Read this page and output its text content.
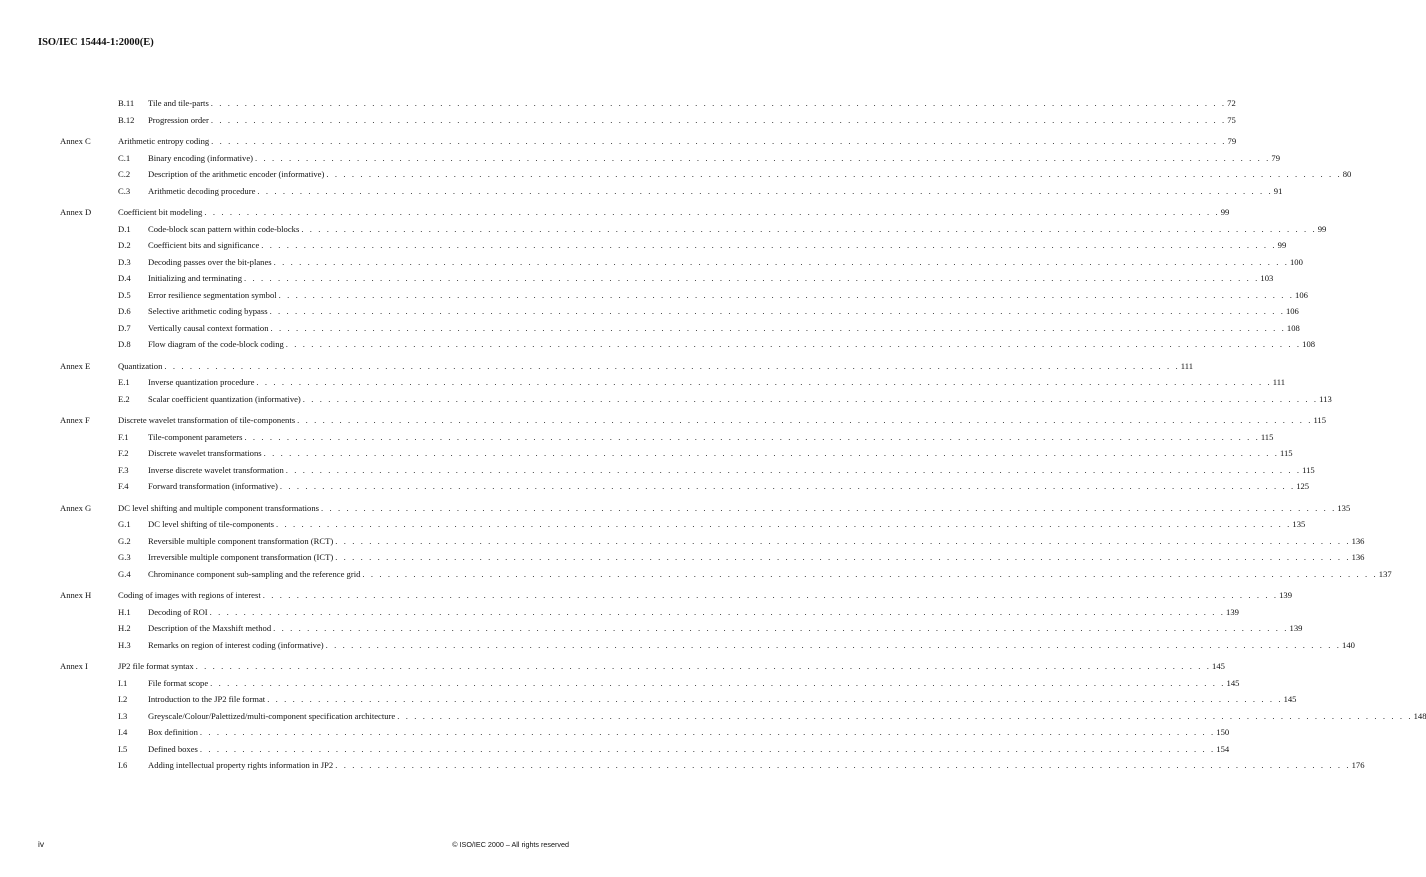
ISO/IEC 15444-1:2000(E)
B.11 Tile and tile-parts . . . . . . . . . . . . . . . . . . . . . . . . . . . . . . . . . . . . . . . . . . . . . . . . . . . . . . . . . . . . . . . . . . . . . . . . . . . . . . . . . . . . . . . . . . . . . . . . . . . . . . . . . . . . . . . . . . . . . . . . 72
B.12 Progression order . . . . . . . . . . . . . . . . . . . . . . . . . . . . . . . . . . . . . . . . . . . . . . . . . . . . . . . . . . . . . . . . . . . . . . . . . . . . . . . . . . . . . . . . . . . . . . . . . . . . . . . . . . . . . . . . . . . . . . . . 75
Annex C	Arithmetic entropy coding . . . . . . . . . . . . . . . . . . . . . . . . . . . . . . . . . . . . . . . . . . . . . . . . . . . . . . . . . . . . . . . . . . . . . . . . . . . . . . . . . . . . . . . . . . . . . . . . . . . . . . . . . . . . . . . . . . . . . . . . 79
C.1 Binary encoding (informative) . . . . . . . . . . . . . . . . . . . . . . . . . . . . . . . . . . . . . . . . . . . . . . . . . . . . . . . . . . . . . . . . . . . . . . . . . . . . . . . . . . . . . . . . . . . . . . . . . . . . . . . . . . . . . . . . . . . . . . . . 79
C.2 Description of the arithmetic encoder (informative) . . . . . . . . . . . . . . . . . . . . . . . . . . . . . . . . . . . . . . . . . . . . . . . . . . . . . . . . . . . . . . . . . . . . . . . . . . . . . . . . . . . . . . . . . . . . . . . . . . . . . . . . . . . . . . . . . . . . . . . . 80
C.3 Arithmetic decoding procedure . . . . . . . . . . . . . . . . . . . . . . . . . . . . . . . . . . . . . . . . . . . . . . . . . . . . . . . . . . . . . . . . . . . . . . . . . . . . . . . . . . . . . . . . . . . . . . . . . . . . . . . . . . . . . . . . . . . . . . . . 91
Annex D	Coefficient bit modeling . . . . . . . . . . . . . . . . . . . . . . . . . . . . . . . . . . . . . . . . . . . . . . . . . . . . . . . . . . . . . . . . . . . . . . . . . . . . . . . . . . . . . . . . . . . . . . . . . . . . . . . . . . . . . . . . . . . . . . . . 99
D.1 Code-block scan pattern within code-blocks . . . . . . . . . . . . . . . . . . . . . . . . . . . . . . . . . . . . . . . . . . . . . . . . . . . . . . . . . . . . . . . . . . . . . . . . . . . . . . . . . . . . . . . . . . . . . . . . . . . . . . . . . . . . . . . . . . . . . . . . 99
D.2 Coefficient bits and significance . . . . . . . . . . . . . . . . . . . . . . . . . . . . . . . . . . . . . . . . . . . . . . . . . . . . . . . . . . . . . . . . . . . . . . . . . . . . . . . . . . . . . . . . . . . . . . . . . . . . . . . . . . . . . . . . . . . . . . . . 99
D.3 Decoding passes over the bit-planes . . . . . . . . . . . . . . . . . . . . . . . . . . . . . . . . . . . . . . . . . . . . . . . . . . . . . . . . . . . . . . . . . . . . . . . . . . . . . . . . . . . . . . . . . . . . . . . . . . . . . . . . . . . . . . . . . . . . . . . . 100
D.4 Initializing and terminating . . . . . . . . . . . . . . . . . . . . . . . . . . . . . . . . . . . . . . . . . . . . . . . . . . . . . . . . . . . . . . . . . . . . . . . . . . . . . . . . . . . . . . . . . . . . . . . . . . . . . . . . . . . . . . . . . . . . . . . . 103
D.5 Error resilience segmentation symbol . . . . . . . . . . . . . . . . . . . . . . . . . . . . . . . . . . . . . . . . . . . . . . . . . . . . . . . . . . . . . . . . . . . . . . . . . . . . . . . . . . . . . . . . . . . . . . . . . . . . . . . . . . . . . . . . . . . . . . . . 106
D.6 Selective arithmetic coding bypass . . . . . . . . . . . . . . . . . . . . . . . . . . . . . . . . . . . . . . . . . . . . . . . . . . . . . . . . . . . . . . . . . . . . . . . . . . . . . . . . . . . . . . . . . . . . . . . . . . . . . . . . . . . . . . . . . . . . . . . . 106
D.7 Vertically causal context formation . . . . . . . . . . . . . . . . . . . . . . . . . . . . . . . . . . . . . . . . . . . . . . . . . . . . . . . . . . . . . . . . . . . . . . . . . . . . . . . . . . . . . . . . . . . . . . . . . . . . . . . . . . . . . . . . . . . . . . . . 108
D.8 Flow diagram of the code-block coding . . . . . . . . . . . . . . . . . . . . . . . . . . . . . . . . . . . . . . . . . . . . . . . . . . . . . . . . . . . . . . . . . . . . . . . . . . . . . . . . . . . . . . . . . . . . . . . . . . . . . . . . . . . . . . . . . . . . . . . . 108
Annex E	Quantization . . . . . . . . . . . . . . . . . . . . . . . . . . . . . . . . . . . . . . . . . . . . . . . . . . . . . . . . . . . . . . . . . . . . . . . . . . . . . . . . . . . . . . . . . . . . . . . . . . . . . . . . . . . . . . . . . . . . . . . . 111
E.1 Inverse quantization procedure . . . . . . . . . . . . . . . . . . . . . . . . . . . . . . . . . . . . . . . . . . . . . . . . . . . . . . . . . . . . . . . . . . . . . . . . . . . . . . . . . . . . . . . . . . . . . . . . . . . . . . . . . . . . . . . . . . . . . . . . 111
E.2 Scalar coefficient quantization (informative) . . . . . . . . . . . . . . . . . . . . . . . . . . . . . . . . . . . . . . . . . . . . . . . . . . . . . . . . . . . . . . . . . . . . . . . . . . . . . . . . . . . . . . . . . . . . . . . . . . . . . . . . . . . . . . . . . . . . . . . . 113
Annex F	Discrete wavelet transformation of tile-components . . . . . . . . . . . . . . . . . . . . . . . . . . . . . . . . . . . . . . . . . . . . . . . . . . . . . . . . . . . . . . . . . . . . . . . . . . . . . . . . . . . . . . . . . . . . . . . . . . . . . . . . . . . . . . . . . . . . . . . . 115
F.1 Tile-component parameters . . . . . . . . . . . . . . . . . . . . . . . . . . . . . . . . . . . . . . . . . . . . . . . . . . . . . . . . . . . . . . . . . . . . . . . . . . . . . . . . . . . . . . . . . . . . . . . . . . . . . . . . . . . . . . . . . . . . . . . . 115
F.2 Discrete wavelet transformations . . . . . . . . . . . . . . . . . . . . . . . . . . . . . . . . . . . . . . . . . . . . . . . . . . . . . . . . . . . . . . . . . . . . . . . . . . . . . . . . . . . . . . . . . . . . . . . . . . . . . . . . . . . . . . . . . . . . . . . . 115
F.3 Inverse discrete wavelet transformation . . . . . . . . . . . . . . . . . . . . . . . . . . . . . . . . . . . . . . . . . . . . . . . . . . . . . . . . . . . . . . . . . . . . . . . . . . . . . . . . . . . . . . . . . . . . . . . . . . . . . . . . . . . . . . . . . . . . . . . . 115
F.4 Forward transformation (informative) . . . . . . . . . . . . . . . . . . . . . . . . . . . . . . . . . . . . . . . . . . . . . . . . . . . . . . . . . . . . . . . . . . . . . . . . . . . . . . . . . . . . . . . . . . . . . . . . . . . . . . . . . . . . . . . . . . . . . . . . 125
Annex G	DC level shifting and multiple component transformations . . . . . . . . . . . . . . . . . . . . . . . . . . . . . . . . . . . . . . . . . . . . . . . . . . . . . . . . . . . . . . . . . . . . . . . . . . . . . . . . . . . . . . . . . . . . . . . . . . . . . . . . . . . . . . . . . . . . . . . . 135
G.1 DC level shifting of tile-components . . . . . . . . . . . . . . . . . . . . . . . . . . . . . . . . . . . . . . . . . . . . . . . . . . . . . . . . . . . . . . . . . . . . . . . . . . . . . . . . . . . . . . . . . . . . . . . . . . . . . . . . . . . . . . . . . . . . . . . . 135
G.2 Reversible multiple component transformation (RCT) . . . . . . . . . . . . . . . . . . . . . . . . . . . . . . . . . . . . . . . . . . . . . . . . . . . . . . . . . . . . . . . . . . . . . . . . . . . . . . . . . . . . . . . . . . . . . . . . . . . . . . . . . . . . . . . . . . . . . . . . 136
G.3 Irreversible multiple component transformation (ICT) . . . . . . . . . . . . . . . . . . . . . . . . . . . . . . . . . . . . . . . . . . . . . . . . . . . . . . . . . . . . . . . . . . . . . . . . . . . . . . . . . . . . . . . . . . . . . . . . . . . . . . . . . . . . . . . . . . . . . . . . 136
G.4 Chrominance component sub-sampling and the reference grid . . . . . . . . . . . . . . . . . . . . . . . . . . . . . . . . . . . . . . . . . . . . . . . . . . . . . . . . . . . . . . . . . . . . . . . . . . . . . . . . . . . . . . . . . . . . . . . . . . . . . . . . . . . . . . . . . . . . . . . . 137
Annex H	Coding of images with regions of interest . . . . . . . . . . . . . . . . . . . . . . . . . . . . . . . . . . . . . . . . . . . . . . . . . . . . . . . . . . . . . . . . . . . . . . . . . . . . . . . . . . . . . . . . . . . . . . . . . . . . . . . . . . . . . . . . . . . . . . . . 139
H.1 Decoding of ROI . . . . . . . . . . . . . . . . . . . . . . . . . . . . . . . . . . . . . . . . . . . . . . . . . . . . . . . . . . . . . . . . . . . . . . . . . . . . . . . . . . . . . . . . . . . . . . . . . . . . . . . . . . . . . . . . . . . . . . . . 139
H.2 Description of the Maxshift method . . . . . . . . . . . . . . . . . . . . . . . . . . . . . . . . . . . . . . . . . . . . . . . . . . . . . . . . . . . . . . . . . . . . . . . . . . . . . . . . . . . . . . . . . . . . . . . . . . . . . . . . . . . . . . . . . . . . . . . . 139
H.3 Remarks on region of interest coding (informative) . . . . . . . . . . . . . . . . . . . . . . . . . . . . . . . . . . . . . . . . . . . . . . . . . . . . . . . . . . . . . . . . . . . . . . . . . . . . . . . . . . . . . . . . . . . . . . . . . . . . . . . . . . . . . . . . . . . . . . . . 140
Annex I	JP2 file format syntax . . . . . . . . . . . . . . . . . . . . . . . . . . . . . . . . . . . . . . . . . . . . . . . . . . . . . . . . . . . . . . . . . . . . . . . . . . . . . . . . . . . . . . . . . . . . . . . . . . . . . . . . . . . . . . . . . . . . . . . . 145
I.1 File format scope . . . . . . . . . . . . . . . . . . . . . . . . . . . . . . . . . . . . . . . . . . . . . . . . . . . . . . . . . . . . . . . . . . . . . . . . . . . . . . . . . . . . . . . . . . . . . . . . . . . . . . . . . . . . . . . . . . . . . . . . 145
I.2 Introduction to the JP2 file format . . . . . . . . . . . . . . . . . . . . . . . . . . . . . . . . . . . . . . . . . . . . . . . . . . . . . . . . . . . . . . . . . . . . . . . . . . . . . . . . . . . . . . . . . . . . . . . . . . . . . . . . . . . . . . . . . . . . . . . . 145
I.3 Greyscale/Colour/Palettized/multi-component specification architecture . . . . . . . . . . . . . . . . . . . . . . . . . . . . . . . . . . . . . . . . . . . . . . . . . . . . . . . . . . . . . . . . . . . . . . . . . . . . . . . . . . . . . . . . . . . . . . . . . . . . . . . . . . . . . . . . . . . . . . . . 148
I.4 Box definition . . . . . . . . . . . . . . . . . . . . . . . . . . . . . . . . . . . . . . . . . . . . . . . . . . . . . . . . . . . . . . . . . . . . . . . . . . . . . . . . . . . . . . . . . . . . . . . . . . . . . . . . . . . . . . . . . . . . . . . . 150
I.5 Defined boxes . . . . . . . . . . . . . . . . . . . . . . . . . . . . . . . . . . . . . . . . . . . . . . . . . . . . . . . . . . . . . . . . . . . . . . . . . . . . . . . . . . . . . . . . . . . . . . . . . . . . . . . . . . . . . . . . . . . . . . . . 154
I.6 Adding intellectual property rights information in JP2 . . . . . . . . . . . . . . . . . . . . . . . . . . . . . . . . . . . . . . . . . . . . . . . . . . . . . . . . . . . . . . . . . . . . . . . . . . . . . . . . . . . . . . . . . . . . . . . . . . . . . . . . . . . . . . . . . . . . . . . . 176
iv	© ISO/IEC 2000 – All rights reserved
